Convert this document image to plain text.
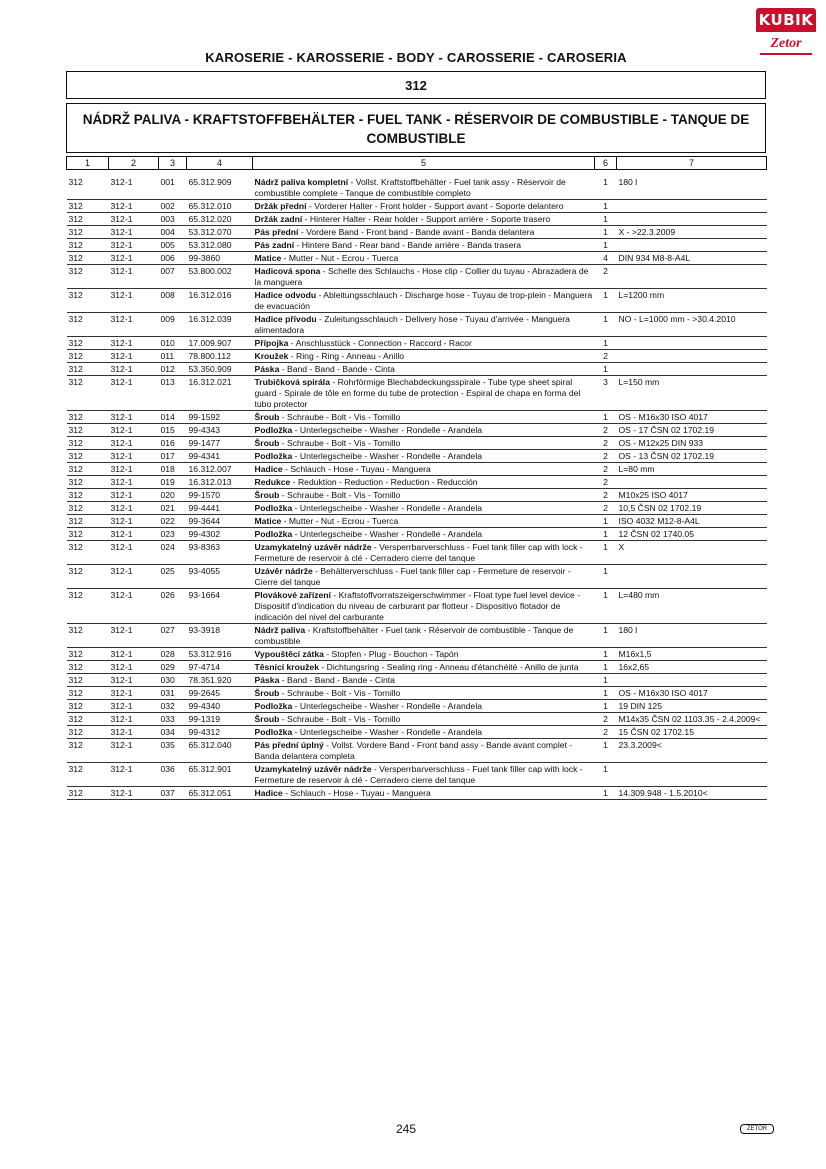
KUBIK
Zetor
KAROSERIE - KAROSSERIE - BODY - CAROSSERIE - CAROSERIA
312
NÁDRŽ PALIVA - KRAFTSTOFFBEHÄLTER - FUEL TANK - RÉSERVOIR DE COMBUSTIBLE - TANQUE DE COMBUSTIBLE
1	2	3	4	5	6	7

312	312-1	001	65.312.909	Nádrž paliva kompletní - Vollst. Kraftstoffbehälter - Fuel tank assy - Réservoir de combustible complete - Tanque de combustible completo	1	180 l
312	312-1	002	65.312.010	Držák přední - Vorderer Halter - Front holder - Support avant - Soporte delantero	1	
312	312-1	003	65.312.020	Držák zadní - Hinterer Halter - Rear holder - Support arrière - Soporte trasero	1	
312	312-1	004	53.312.070	Pás přední - Vordere Band - Front band - Bande avant - Banda delantera	1	X - >22.3.2009
312	312-1	005	53.312.080	Pás zadní - Hintere Band - Rear band - Bande arrière - Banda trasera	1	
312	312-1	006	99-3860	Matice - Mutter - Nut - Ecrou - Tuerca	4	DIN 934 M8-8-A4L
312	312-1	007	53.800.002	Hadicová spona - Schelle des Schlauchs - Hose clip - Collier du tuyau - Abrazadera de la manguera	2	
312	312-1	008	16.312.016	Hadice odvodu - Ableitungsschlauch - Discharge hose - Tuyau de trop-plein - Manguera de evacuación	1	L=1200 mm
312	312-1	009	16.312.039	Hadice přívodu - Zuleitungsschlauch - Delivery hose - Tuyau d'arrivée - Manguera alimentadora	1	NO - L=1000 mm - >30.4.2010
312	312-1	010	17.009.907	Přípojka - Anschlusstück - Connection - Raccord - Racor	1	
312	312-1	011	78.800.112	Kroužek - Ring - Ring - Anneau - Anillo	2	
312	312-1	012	53.350.909	Páska - Band - Band - Bande - Cinta	1	
312	312-1	013	16.312.021	Trubičková spirála - Rohrförmige Blechabdeckungsspirale - Tube type sheet spiral guard - Spirale de tôle en forme du tube de protection - Espiral de chapa en forma del tubo protector	3	L=150 mm
312	312-1	014	99-1592	Šroub - Schraube - Bolt - Vis - Tornillo	1	OS - M16x30 ISO 4017
312	312-1	015	99-4343	Podložka - Unterlegscheibe - Washer - Rondelle - Arandela	2	OS - 17 ČSN 02 1702.19
312	312-1	016	99-1477	Šroub - Schraube - Bolt - Vis - Tornillo	2	OS - M12x25 DIN 933
312	312-1	017	99-4341	Podložka - Unterlegscheibe - Washer - Rondelle - Arandela	2	OS - 13 ČSN 02 1702.19
312	312-1	018	16.312.007	Hadice - Schlauch - Hose - Tuyau - Manguera	2	L=80 mm
312	312-1	019	16.312.013	Redukce - Reduktion - Reduction - Reduction - Reducción	2	
312	312-1	020	99-1570	Šroub - Schraube - Bolt - Vis - Tornillo	2	M10x25 ISO 4017
312	312-1	021	99-4441	Podložka - Unterlegscheibe - Washer - Rondelle - Arandela	2	10,5 ČSN 02 1702.19
312	312-1	022	99-3644	Matice - Mutter - Nut - Ecrou - Tuerca	1	ISO 4032 M12-8-A4L
312	312-1	023	99-4302	Podložka - Unterlegscheibe - Washer - Rondelle - Arandela	1	12 ČSN 02 1740.05
312	312-1	024	93-8363	Uzamykatelný uzávěr nádrže - Versperrbarverschluss - Fuel tank filler cap with lock - Fermeture de reservoir à clé - Cerradero cierre del tanque	1	X
312	312-1	025	93-4055	Uzávěr nádrže - Behälterverschluss - Fuel tank filler cap - Fermeture de reservoir - Cierre del tanque	1	
312	312-1	026	93-1664	Plovákové zařízení - Kraftstoffvorratszeigerschwimmer - Float type fuel level device - Dispositif d'indication du niveau de carburant par flotteur - Dispositivo flotador de indicación del nivel del carburante	1	L=480 mm
312	312-1	027	93-3918	Nádrž paliva - Kraftstoffbehälter - Fuel tank - Réservoir de combustible - Tanque de combustible	1	180 l
312	312-1	028	53.312.916	Vypouštěcí zátka - Stopfen - Plug - Bouchon - Tapón	1	M16x1,5
312	312-1	029	97-4714	Těsnící kroužek - Dichtungsring - Sealing ring - Anneau d'étanchéité - Anillo de junta	1	16x2,65
312	312-1	030	78.351.920	Páska - Band - Band - Bande - Cinta	1	
312	312-1	031	99-2645	Šroub - Schraube - Bolt - Vis - Tornillo	1	OS - M16x30 ISO 4017
312	312-1	032	99-4340	Podložka - Unterlegscheibe - Washer - Rondelle - Arandela	1	19 DIN 125
312	312-1	033	99-1319	Šroub - Schraube - Bolt - Vis - Tornillo	2	M14x35 ČSN 02 1103.35 - 2.4.2009<
312	312-1	034	99-4312	Podložka - Unterlegscheibe - Washer - Rondelle - Arandela	2	15 ČSN 02 1702.15
312	312-1	035	65.312.040	Pás přední úplný - Vollst. Vordere Band - Front band assy - Bande avant complet - Banda delantera completa	1	23.3.2009<
312	312-1	036	65.312.901	Uzamykatelný uzávěr nádrže - Versperrbarverschluss - Fuel tank filler cap with lock - Fermeture de reservoir à clé - Cerradero cierre del tanque	1	
312	312-1	037	65.312.051	Hadice - Schlauch - Hose - Tuyau - Manguera	1	14.309.948 - 1.5.2010<
245	ZETOR
